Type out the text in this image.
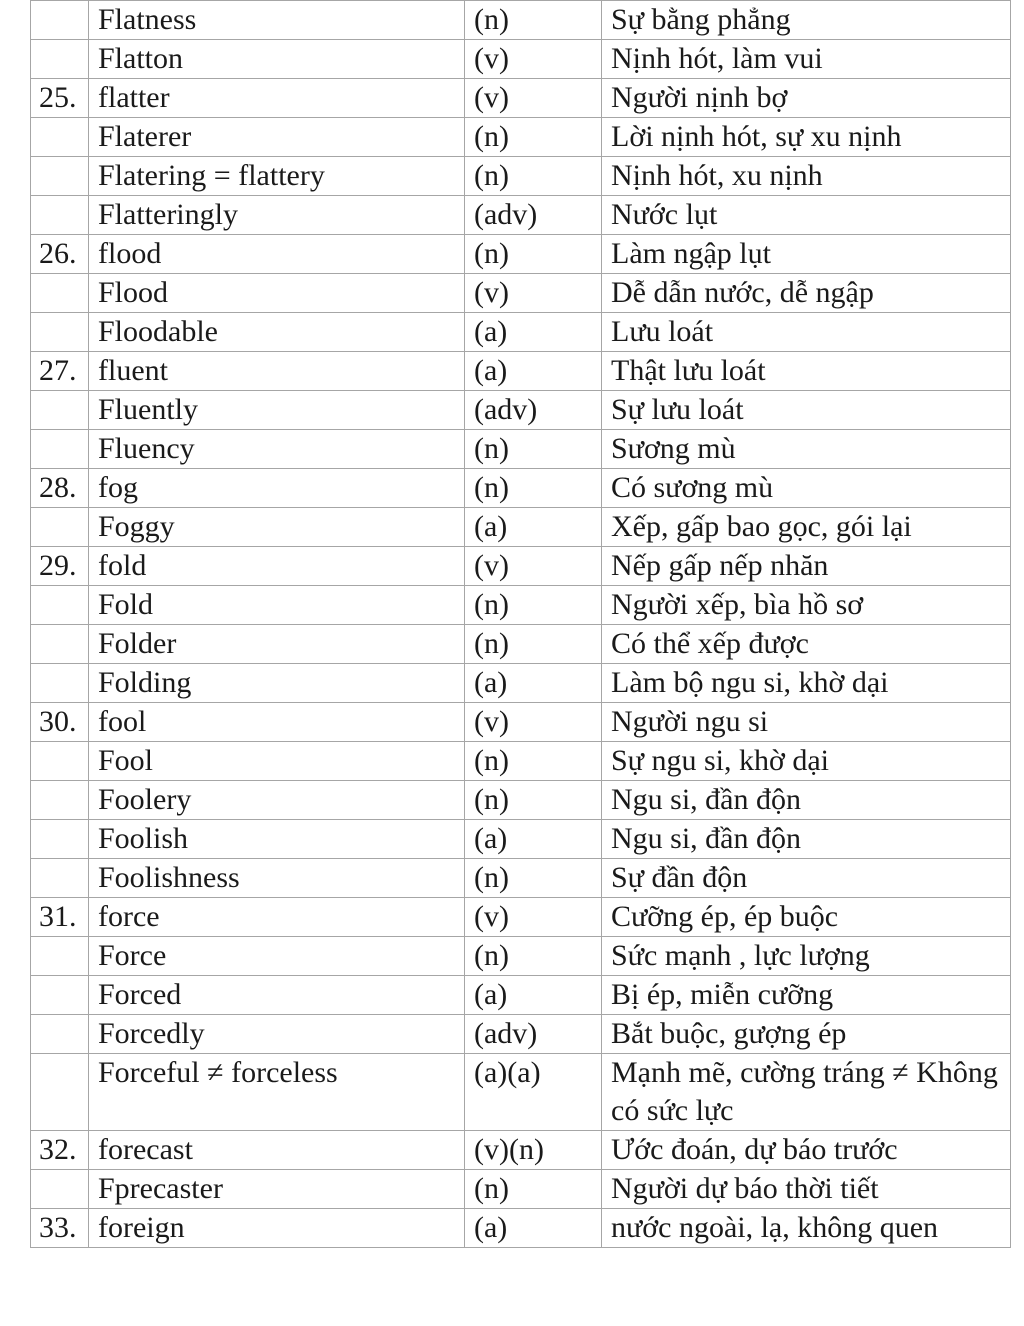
	Flatness	(n)	Sự bằng phẳng
	Flatton	(v)	Nịnh hót, làm vui
25.	flatter	(v)	Người nịnh bợ
	Flaterer	(n)	Lời nịnh hót, sự xu nịnh
	Flatering = flattery	(n)	Nịnh hót, xu nịnh
	Flatteringly	(adv)	Nước lụt
26.	flood	(n)	Làm ngập lụt
	Flood	(v)	Dễ dẫn nước, dễ ngập
	Floodable	(a)	Lưu loát
27.	fluent	(a)	Thật lưu loát
	Fluently	(adv)	Sự lưu loát
	Fluency	(n)	Sương mù
28.	fog	(n)	Có sương mù
	Foggy	(a)	Xếp, gấp bao gọc, gói lại
29.	fold	(v)	Nếp gấp nếp nhăn
	Fold	(n)	Người xếp, bìa hồ sơ
	Folder	(n)	Có thể xếp được
	Folding	(a)	Làm bộ ngu si, khờ dại
30.	fool	(v)	Người ngu si
	Fool	(n)	Sự ngu si, khờ dại
	Foolery	(n)	Ngu si, đần độn
	Foolish	(a)	Ngu si, đần độn
	Foolishness	(n)	Sự đần độn
31.	force	(v)	Cưỡng ép, ép buộc
	Force	(n)	Sức mạnh , lực lượng
	Forced	(a)	Bị ép, miễn cưỡng
	Forcedly	(adv)	Bắt buộc, gượng ép
	Forceful ≠ forceless	(a)(a)	Mạnh mẽ, cường tráng ≠ Không có sức lực
32.	forecast	(v)(n)	Ước đoán, dự báo trước
	Fprecaster	(n)	Người dự báo thời tiết
33.	foreign	(a)	nước ngoài, lạ, không quen
